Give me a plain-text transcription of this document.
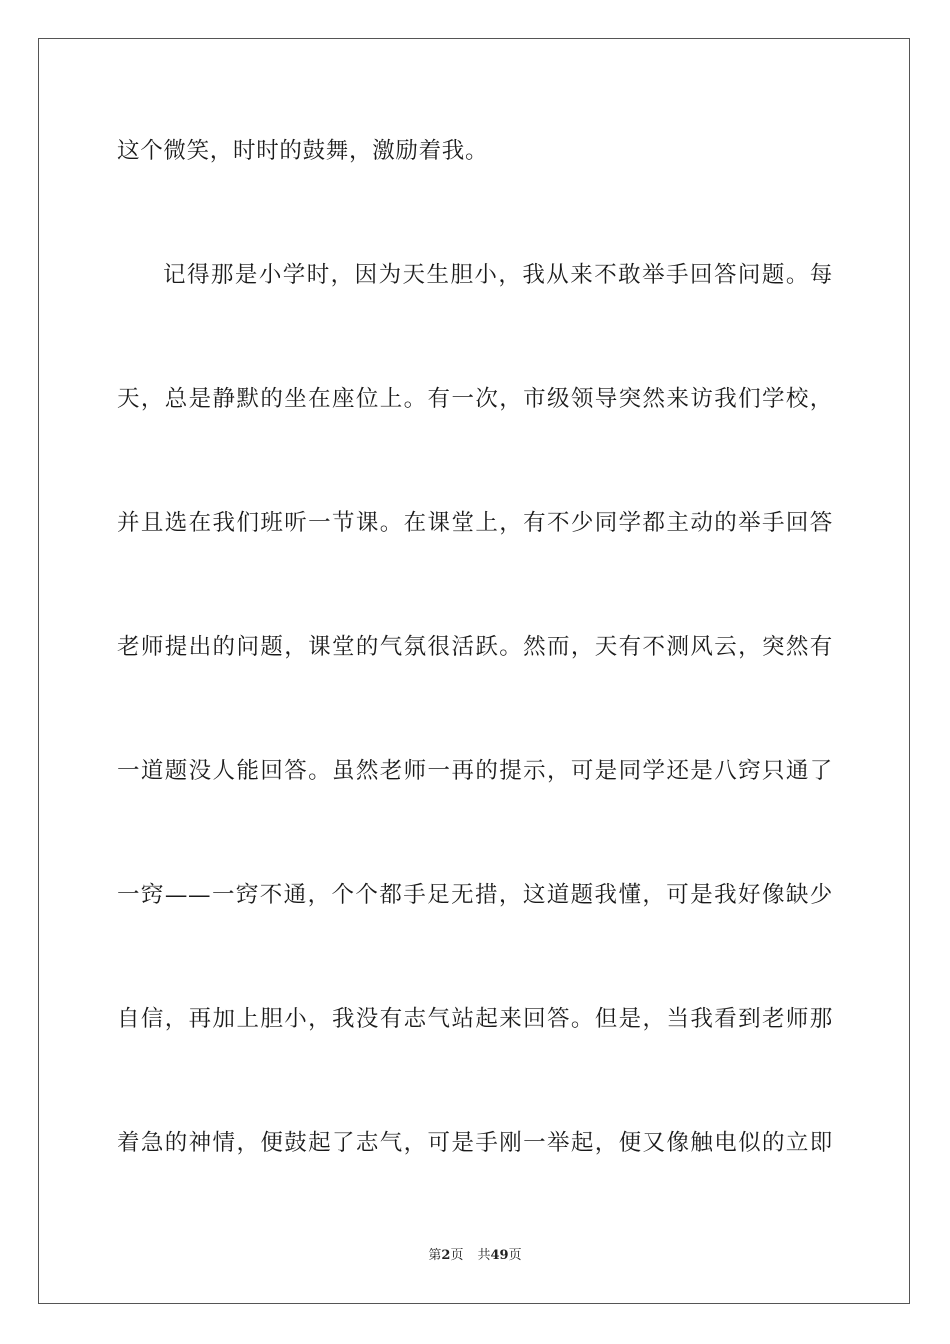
这个微笑，时时的鼓舞，激励着我。
记得那是小学时，因为天生胆小，我从来不敢举手回答问题。每
天，总是静默的坐在座位上。有一次，市级领导突然来访我们学校，
并且选在我们班听一节课。在课堂上，有不少同学都主动的举手回答
老师提出的问题，课堂的气氛很活跃。然而，天有不测风云，突然有
一道题没人能回答。虽然老师一再的提示，可是同学还是八窍只通了
一窍——一窍不通，个个都手足无措，这道题我懂，可是我好像缺少
自信，再加上胆小，我没有志气站起来回答。但是，当我看到老师那
着急的神情，便鼓起了志气，可是手刚一举起，便又像触电似的立即
第2页 共49页
